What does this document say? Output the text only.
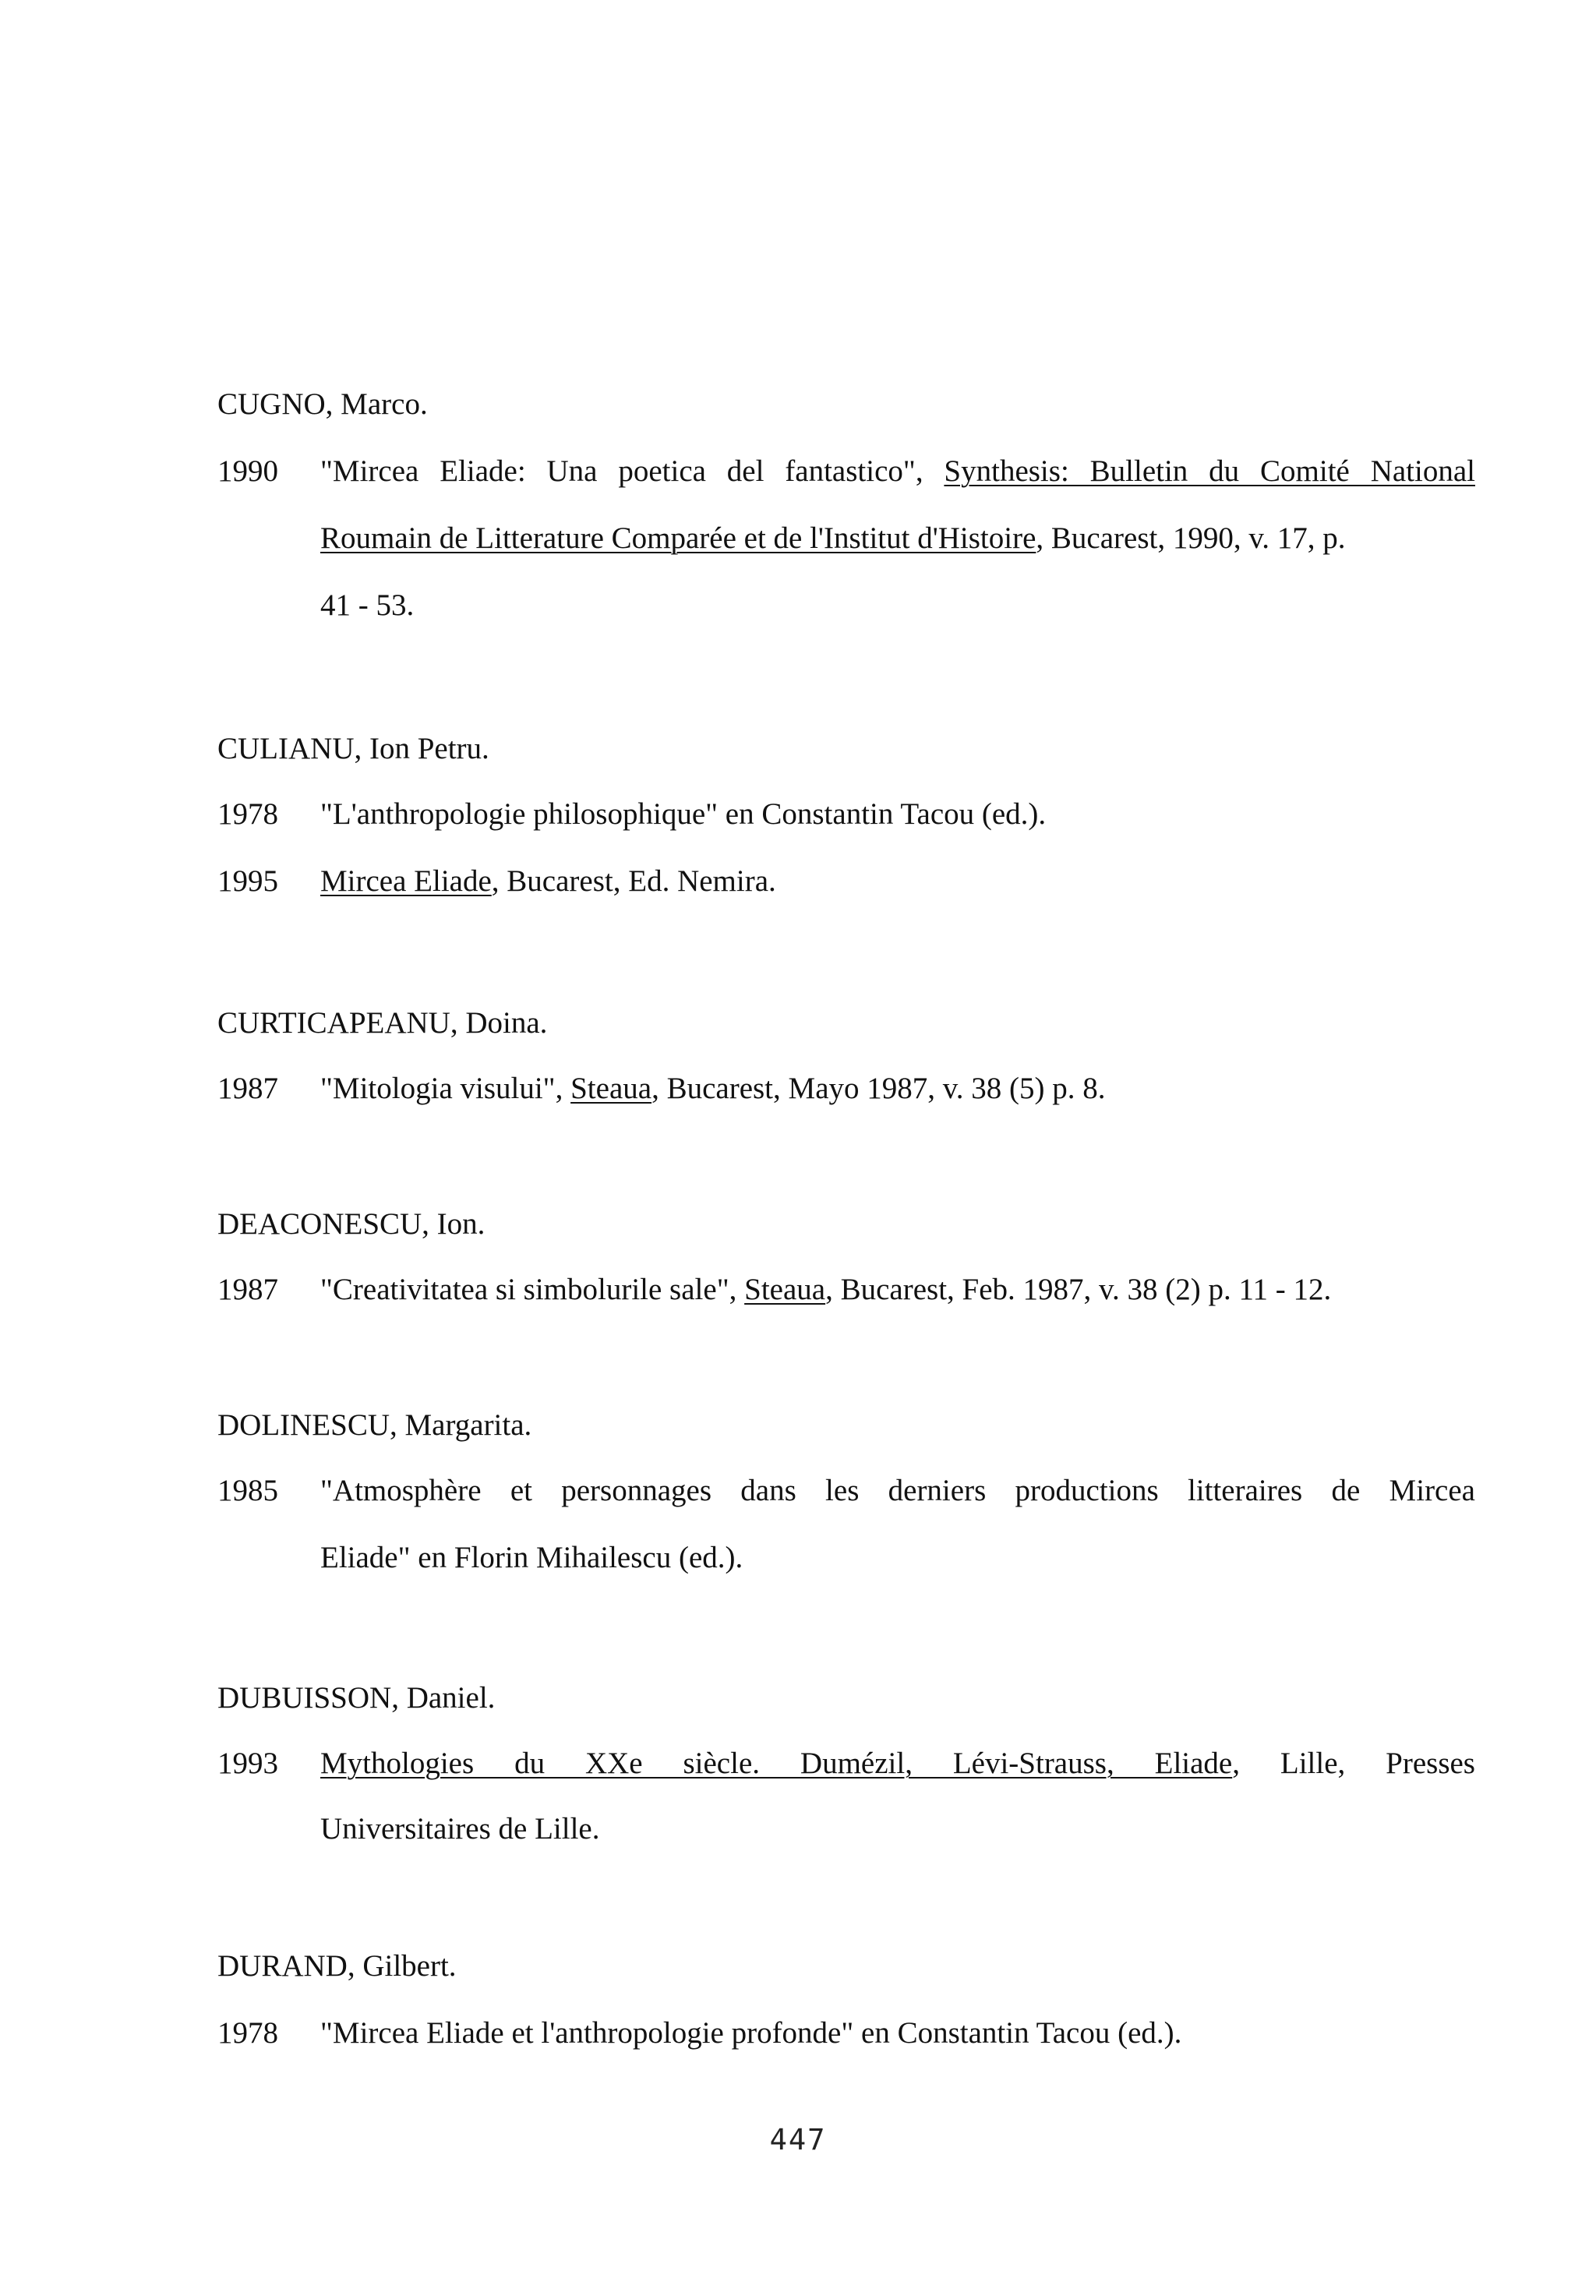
CUGNO, Marco.
1990 "Mircea Eliade: Una poetica del fantastico", Synthesis: Bulletin du Comité National
Roumain de Litterature Comparée et de l'Institut d'Histoire, Bucarest, 1990, v. 17, p.
41 - 53.
CULIANU, Ion Petru.
1978 "L'anthropologie philosophique" en Constantin Tacou (ed.).
1995 Mircea Eliade, Bucarest, Ed. Nemira.
CURTICAPEANU, Doina.
1987 "Mitologia visului", Steaua, Bucarest, Mayo 1987, v. 38 (5) p. 8.
DEACONESCU, Ion.
1987 "Creativitatea si simbolurile sale", Steaua, Bucarest, Feb. 1987, v. 38 (2) p. 11 - 12.
DOLINESCU, Margarita.
1985 "Atmosphère et personnages dans les derniers productions litteraires de Mircea
Eliade" en Florin Mihailescu (ed.).
DUBUISSON, Daniel.
1993 Mythologies du XXe siècle. Dumézil, Lévi-Strauss, Eliade, Lille, Presses
Universitaires de Lille.
DURAND, Gilbert.
1978 "Mircea Eliade et l'anthropologie profonde" en Constantin Tacou (ed.).
447
